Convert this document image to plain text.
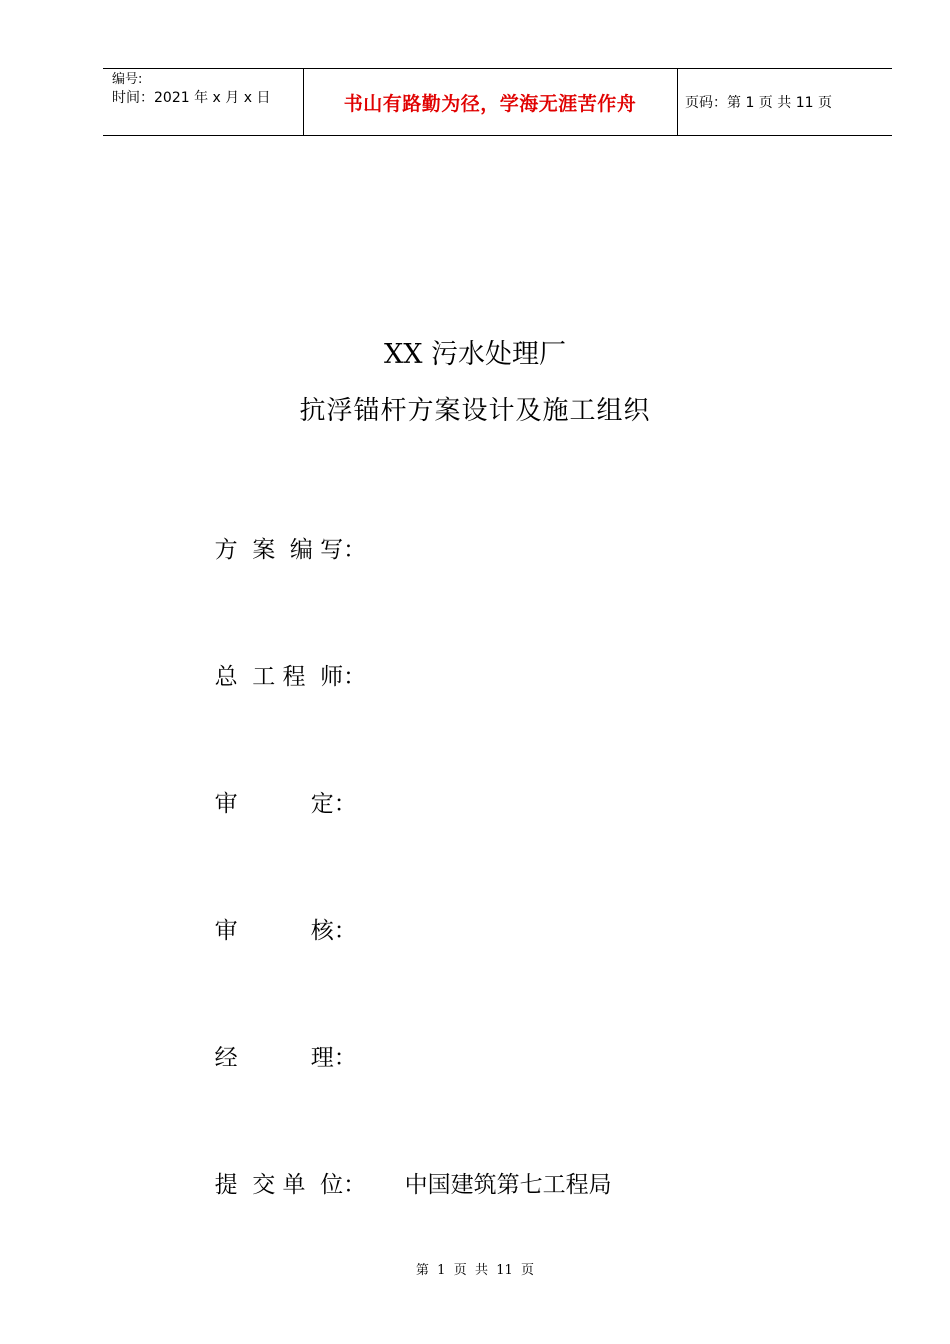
编号:
时间：2021 年 x 月 x 日	书山有路勤为径，学海无涯苦作舟	页码：第 1 页 共 11 页
XX 污水处理厂
抗浮锚杆方案设计及施工组织

方  案  编 写：

总  工 程  师：

审          定：

审          核：

经          理：

提  交 单  位： 中国建筑第七工程局

第  1  页  共  11  页
